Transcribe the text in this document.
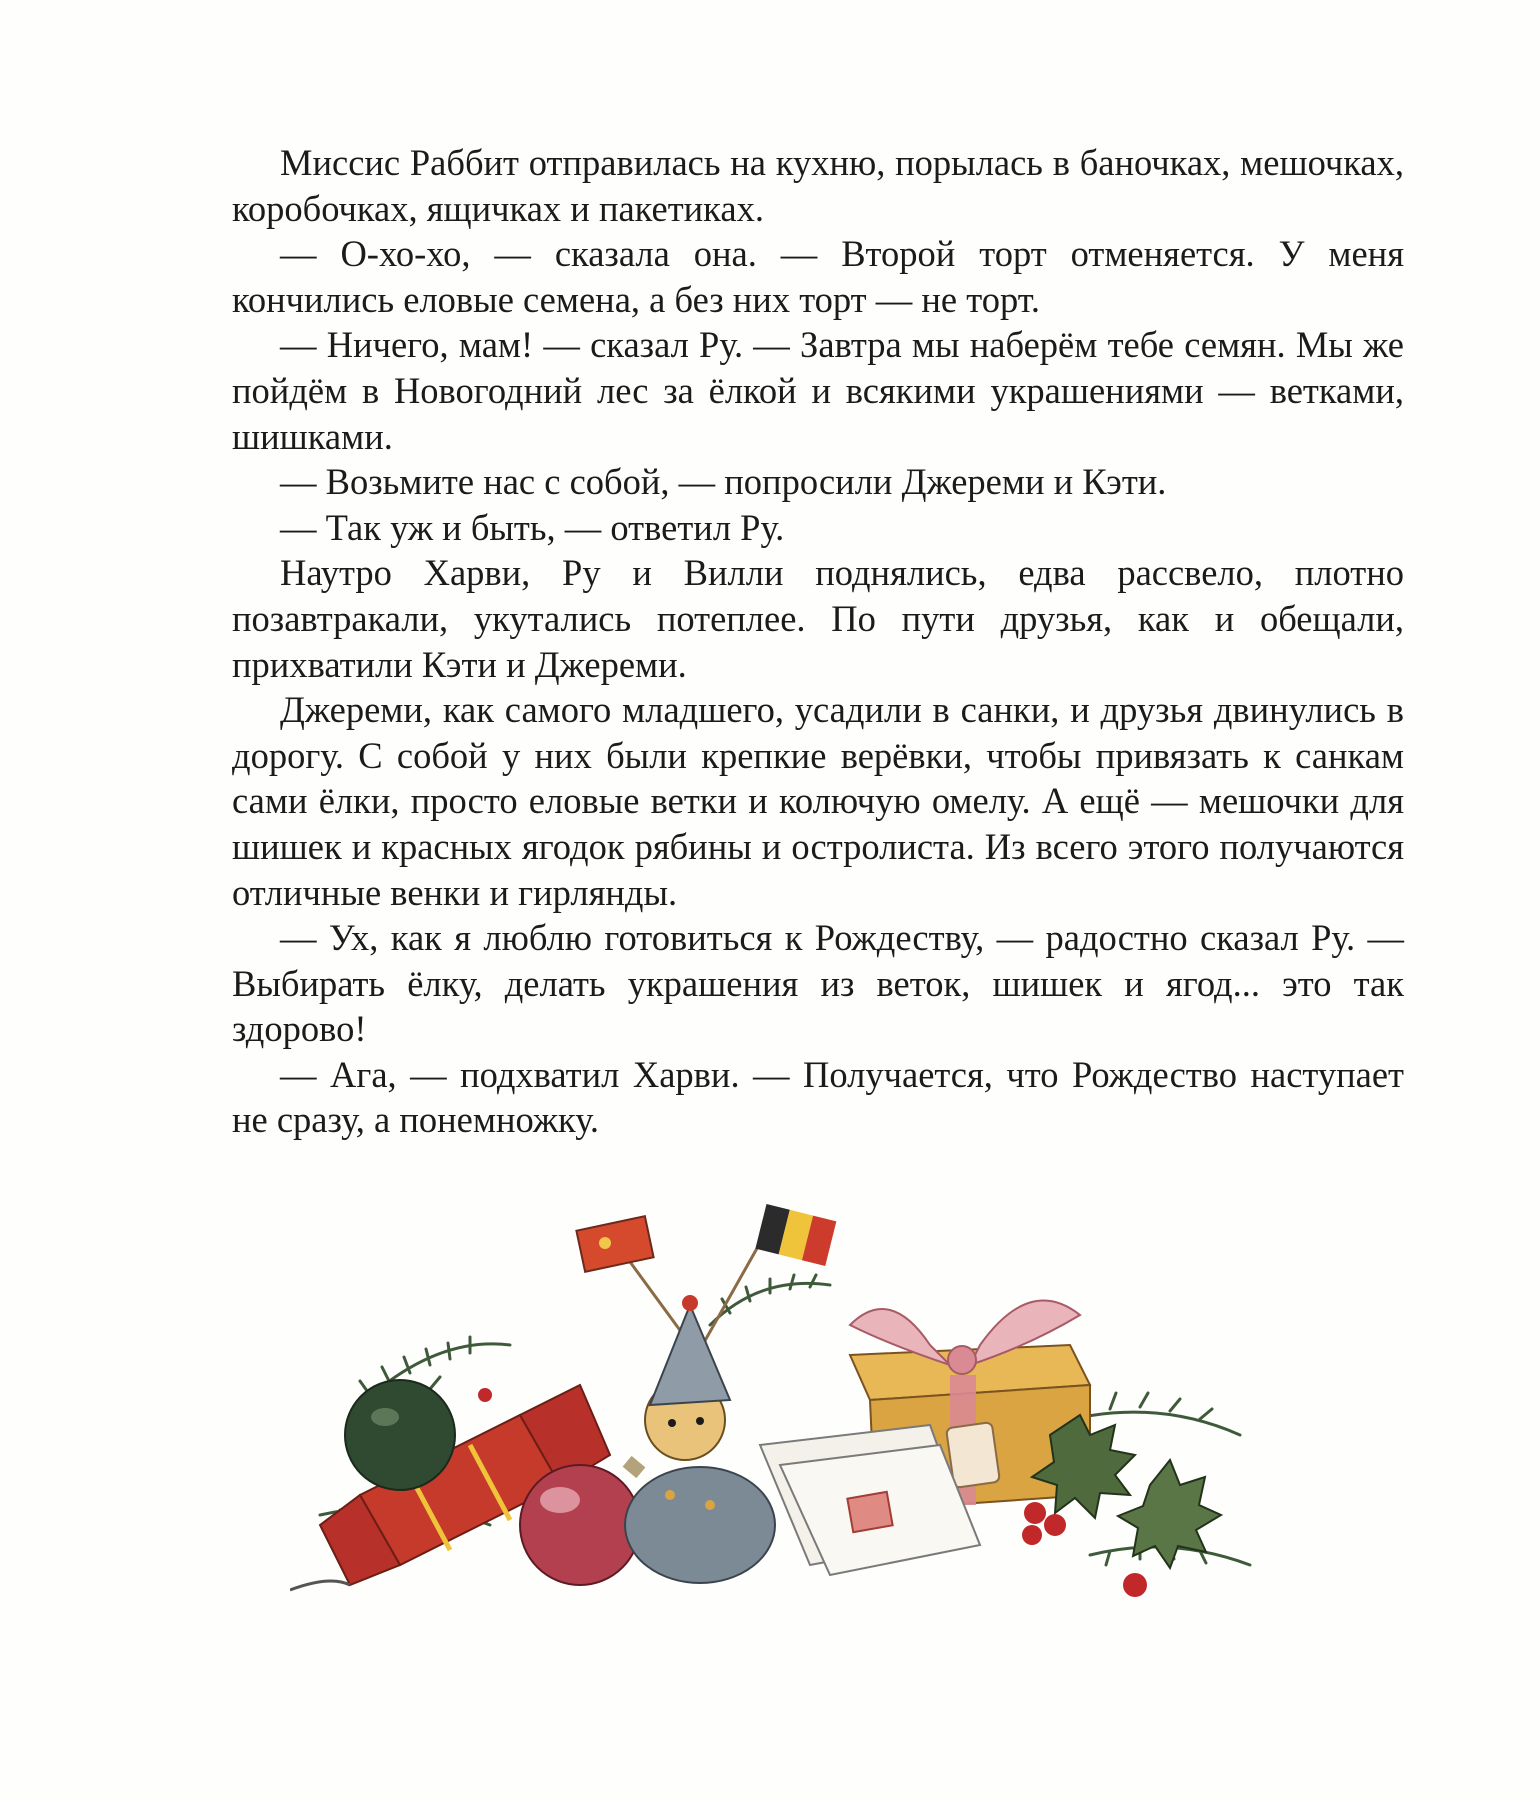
Миссис Раббит отправилась на кухню, порылась в баночках, мешочках, коробочках, ящичках и пакетиках.

— О-хо-хо, — сказала она. — Второй торт отменяется. У меня кончились еловые семена, а без них торт — не торт.

— Ничего, мам! — сказал Ру. — Завтра мы наберём тебе семян. Мы же пойдём в Новогодний лес за ёлкой и всякими украшениями — ветками, шишками.

— Возьмите нас с собой, — попросили Джереми и Кэти.

— Так уж и быть, — ответил Ру.

Наутро Харви, Ру и Вилли поднялись, едва рассвело, плотно позавтракали, укутались потеплее. По пути друзья, как и обещали, прихватили Кэти и Джереми.

Джереми, как самого младшего, усадили в санки, и друзья двинулись в дорогу. С собой у них были крепкие верёвки, чтобы привязать к санкам сами ёлки, просто еловые ветки и колючую омелу. А ещё — мешочки для шишек и красных ягодок рябины и остролиста. Из всего этого получаются отличные венки и гирлянды.

— Ух, как я люблю готовиться к Рождеству, — радостно сказал Ру. — Выбирать ёлку, делать украшения из веток, шишек и ягод... это так здорово!

— Ага, — подхватил Харви. — Получается, что Рождество наступает не сразу, а понемножку.
